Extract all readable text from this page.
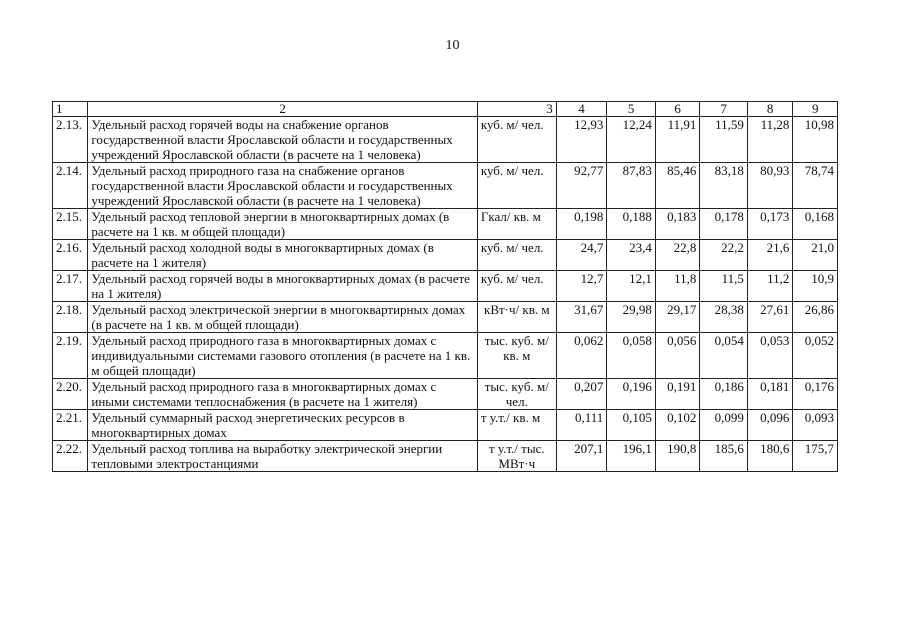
10
1	2	3	4	5	6	7	8	9
2.13.	Удельный расход горячей воды на снабжение органов государственной власти Ярославской области и государственных учреждений Ярославской области (в расчете на 1 человека)	куб. м/ чел.	12,93	12,24	11,91	11,59	11,28	10,98
2.14.	Удельный расход природного газа на снабжение органов государственной власти Ярославской области и государственных учреждений Ярославской области (в расчете на 1 человека)	куб. м/ чел.	92,77	87,83	85,46	83,18	80,93	78,74
2.15.	Удельный расход тепловой энергии в многоквартирных домах (в расчете на 1 кв. м общей площади)	Гкал/ кв. м	0,198	0,188	0,183	0,178	0,173	0,168
2.16.	Удельный расход холодной воды в многоквартирных домах (в расчете на 1 жителя)	куб. м/ чел.	24,7	23,4	22,8	22,2	21,6	21,0
2.17.	Удельный расход горячей воды в многоквартирных домах (в расчете на 1 жителя)	куб. м/ чел.	12,7	12,1	11,8	11,5	11,2	10,9
2.18.	Удельный расход электрической энергии в многоквартирных домах (в расчете на 1 кв. м общей площади)	кВт·ч/ кв. м	31,67	29,98	29,17	28,38	27,61	26,86
2.19.	Удельный расход природного газа в многоквартирных домах с индивидуальными системами газового отопления (в расчете на 1 кв. м общей площади)	тыс. куб. м/ кв. м	0,062	0,058	0,056	0,054	0,053	0,052
2.20.	Удельный расход природного газа в многоквартирных домах с иными системами теплоснабжения (в расчете на 1 жителя)	тыс. куб. м/ чел.	0,207	0,196	0,191	0,186	0,181	0,176
2.21.	Удельный суммарный расход энергетических ресурсов в многоквартирных домах	т у.т./ кв. м	0,111	0,105	0,102	0,099	0,096	0,093
2.22.	Удельный расход топлива на выработку электрической энергии тепловыми электростанциями	т у.т./ тыс. МВт·ч	207,1	196,1	190,8	185,6	180,6	175,7
